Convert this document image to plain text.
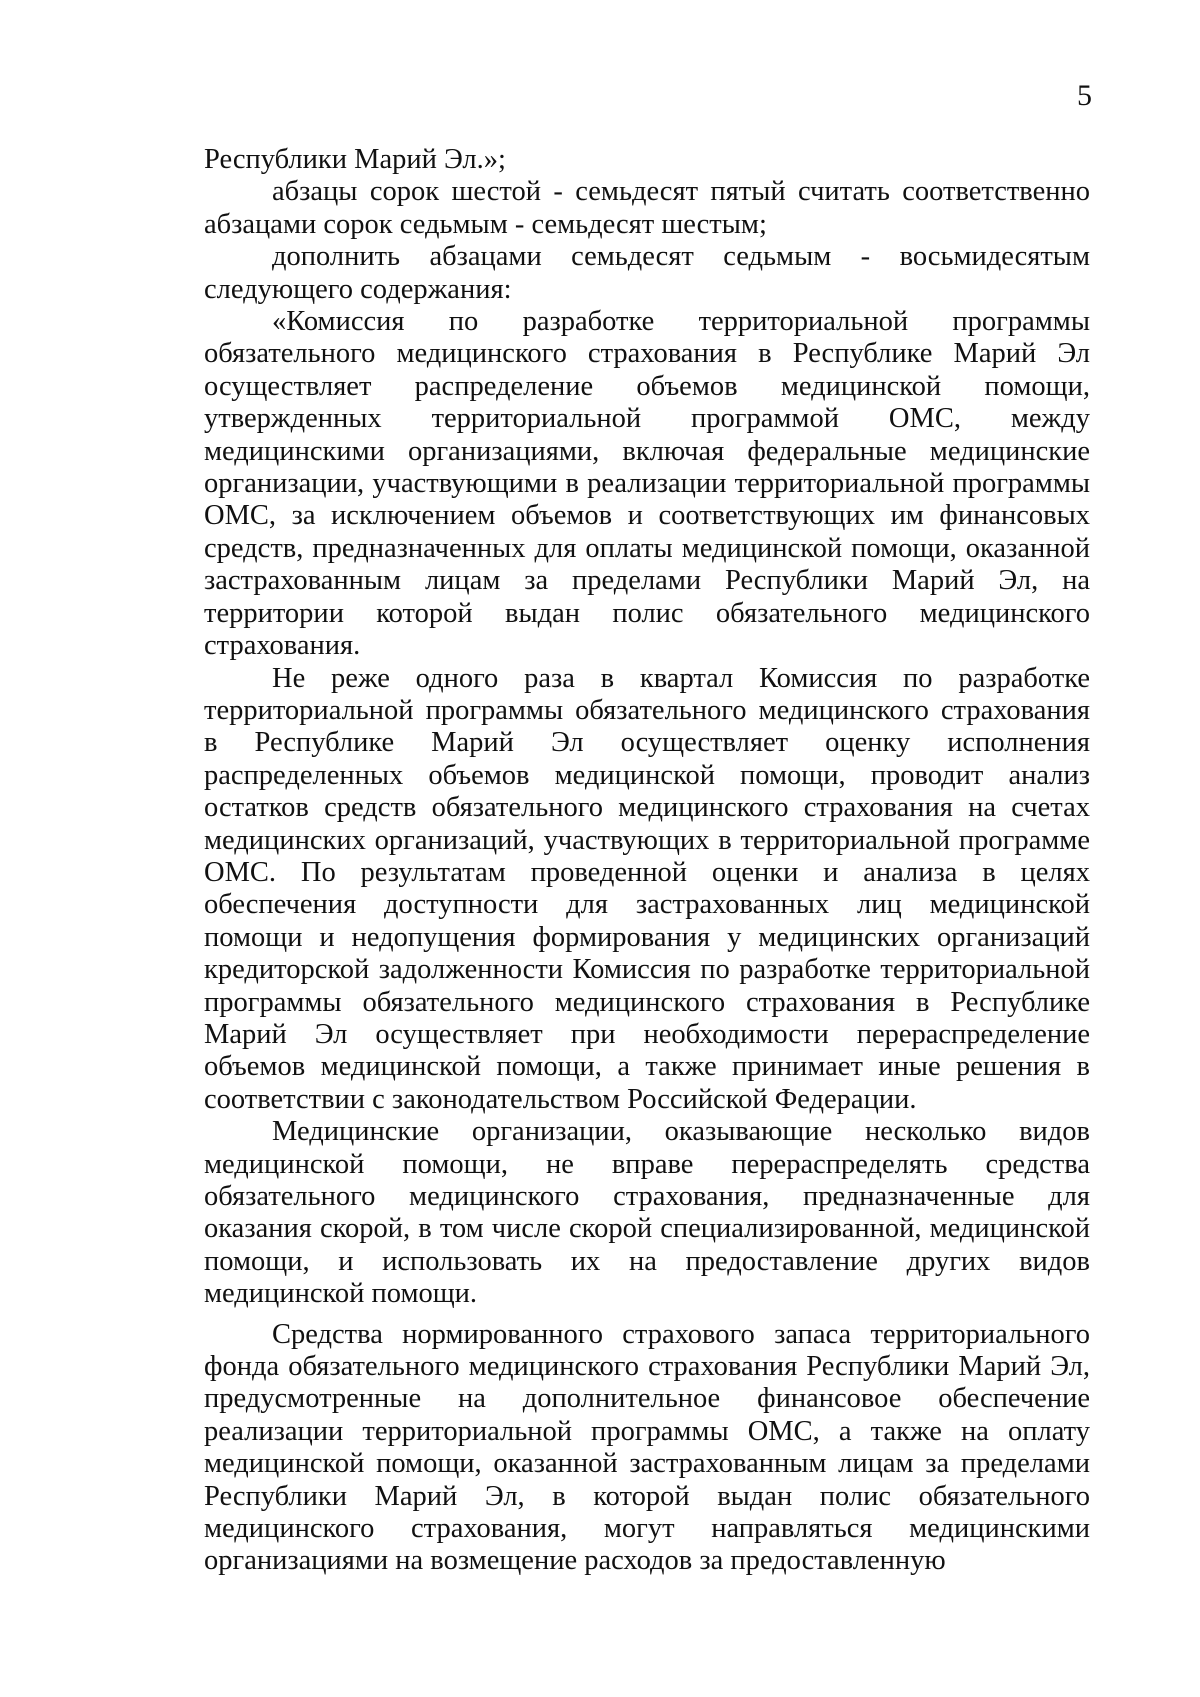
5

Республики Марий Эл.»;

абзацы сорок шестой - семьдесят пятый считать соответственно абзацами сорок седьмым - семьдесят шестым;

дополнить абзацами семьдесят седьмым - восьмидесятым следующего содержания:

«Комиссия по разработке территориальной программы обязательного медицинского страхования в Республике Марий Эл осуществляет распределение объемов медицинской помощи, утвержденных территориальной программой ОМС, между медицинскими организациями, включая федеральные медицинские организации, участвующими в реализации территориальной программы ОМС, за исключением объемов и соответствующих им финансовых средств, предназначенных для оплаты медицинской помощи, оказанной застрахованным лицам за пределами Республики Марий Эл, на территории которой выдан полис обязательного медицинского страхования.

Не реже одного раза в квартал Комиссия по разработке территориальной программы обязательного медицинского страхования в Республике Марий Эл осуществляет оценку исполнения распределенных объемов медицинской помощи, проводит анализ остатков средств обязательного медицинского страхования на счетах медицинских организаций, участвующих в территориальной программе ОМС. По результатам проведенной оценки и анализа в целях обеспечения доступности для застрахованных лиц медицинской помощи и недопущения формирования у медицинских организаций кредиторской задолженности Комиссия по разработке территориальной программы обязательного медицинского страхования в Республике Марий Эл осуществляет при необходимости перераспределение объемов медицинской помощи, а также принимает иные решения в соответствии с законодательством Российской Федерации.

Медицинские организации, оказывающие несколько видов медицинской помощи, не вправе перераспределять средства обязательного медицинского страхования, предназначенные для оказания скорой, в том числе скорой специализированной, медицинской помощи, и использовать их на предоставление других видов медицинской помощи.

Средства нормированного страхового запаса территориального фонда обязательного медицинского страхования Республики Марий Эл, предусмотренные на дополнительное финансовое обеспечение реализации территориальной программы ОМС, а также на оплату медицинской помощи, оказанной застрахованным лицам за пределами Республики Марий Эл, в которой выдан полис обязательного медицинского страхования, могут направляться медицинскими организациями на возмещение расходов за предоставленную
